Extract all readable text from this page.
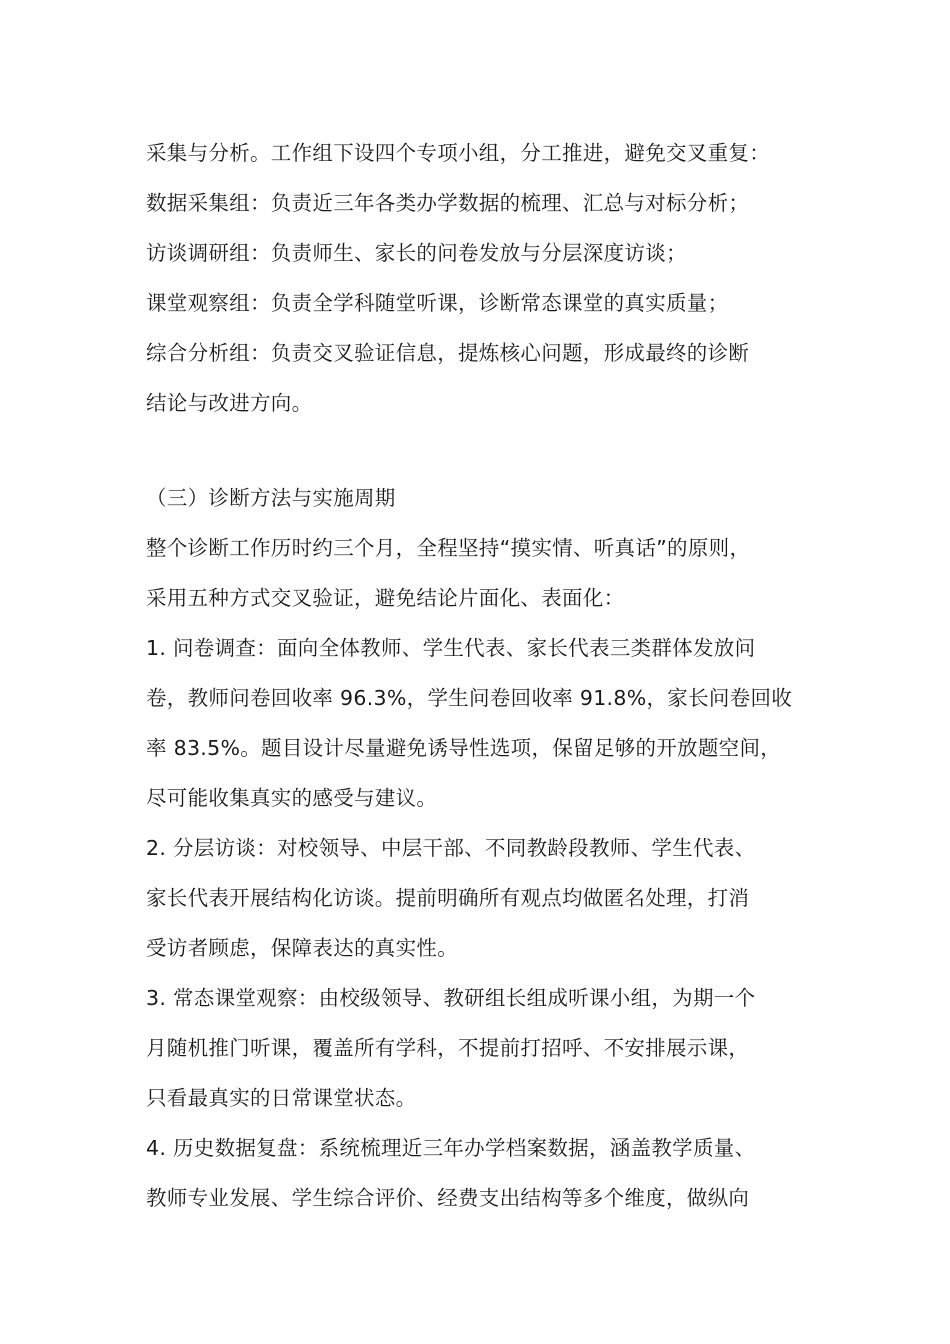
采集与分析。工作组下设四个专项小组，分工推进，避免交叉重复：
数据采集组：负责近三年各类办学数据的梳理、汇总与对标分析；
访谈调研组：负责师生、家长的问卷发放与分层深度访谈；
课堂观察组：负责全学科随堂听课，诊断常态课堂的真实质量；
综合分析组：负责交叉验证信息，提炼核心问题，形成最终的诊断
结论与改进方向。
（三）诊断方法与实施周期
整个诊断工作历时约三个月，全程坚持“摸实情、听真话”的原则，
采用五种方式交叉验证，避免结论片面化、表面化：
1. 问卷调查：面向全体教师、学生代表、家长代表三类群体发放问
卷，教师问卷回收率 96.3%，学生问卷回收率 91.8%，家长问卷回收
率 83.5%。题目设计尽量避免诱导性选项，保留足够的开放题空间，
尽可能收集真实的感受与建议。
2. 分层访谈：对校领导、中层干部、不同教龄段教师、学生代表、
家长代表开展结构化访谈。提前明确所有观点均做匿名处理，打消
受访者顾虑，保障表达的真实性。
3. 常态课堂观察：由校级领导、教研组长组成听课小组，为期一个
月随机推门听课，覆盖所有学科，不提前打招呼、不安排展示课，
只看最真实的日常课堂状态。
4. 历史数据复盘：系统梳理近三年办学档案数据，涵盖教学质量、
教师专业发展、学生综合评价、经费支出结构等多个维度，做纵向
